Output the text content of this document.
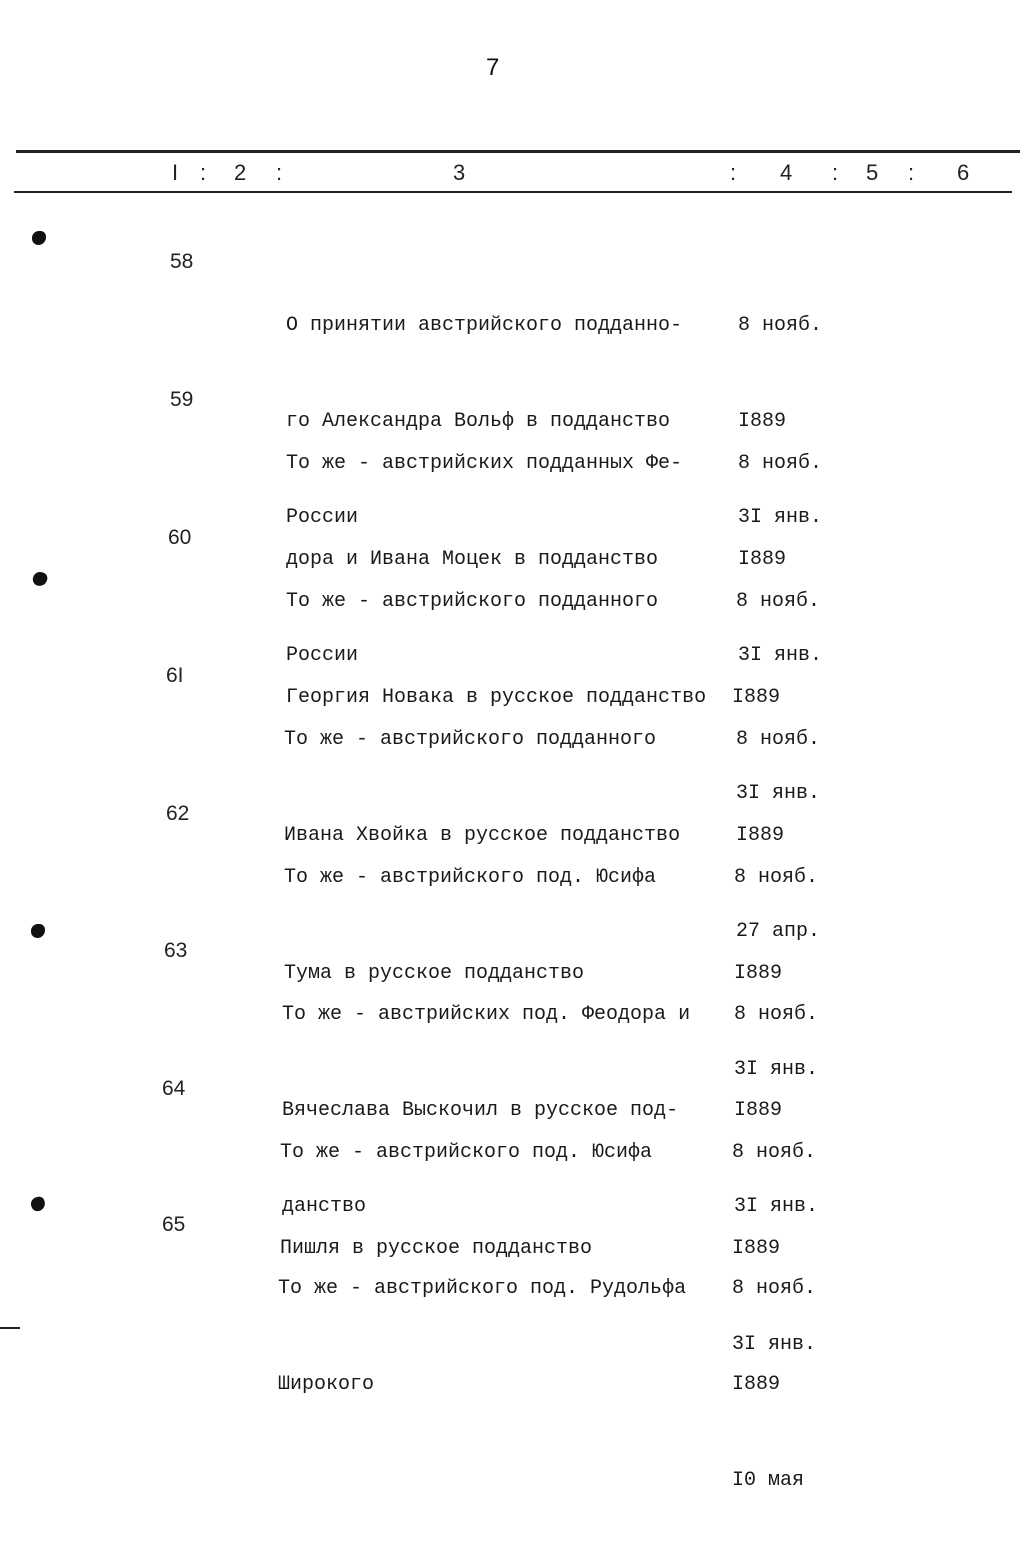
7
I : 2 :	3	: 4 : 5 : 6
58

О принятии австрийского подданно-

го Александра Вольф в подданство

России

8 нояб.

I889

3I янв.

59

То же - австрийских подданных Фе-

дора и Ивана Моцек в подданство

России

8 нояб.

I889

3I янв.

60

То же - австрийского подданного

Георгия Новака в русское подданство

8 нояб.

I889

3I янв.

6I

То же - австрийского подданного

Ивана Хвойка в русское подданство

8 нояб.

I889

27 апр.

62

То же - австрийского под. Юсифа

Тума в русское подданство

8 нояб.

I889

3I янв.

63

То же - австрийских под. Феодора и

Вячеслава Выскочил в русское под-

данство

8 нояб.

I889

3I янв.

64

То же - австрийского под. Юсифа

Пишля в русское подданство

8 нояб.

I889

3I янв.

65

То же - австрийского под. Рудольфа

Широкого

8 нояб.

I889

I0 мая
